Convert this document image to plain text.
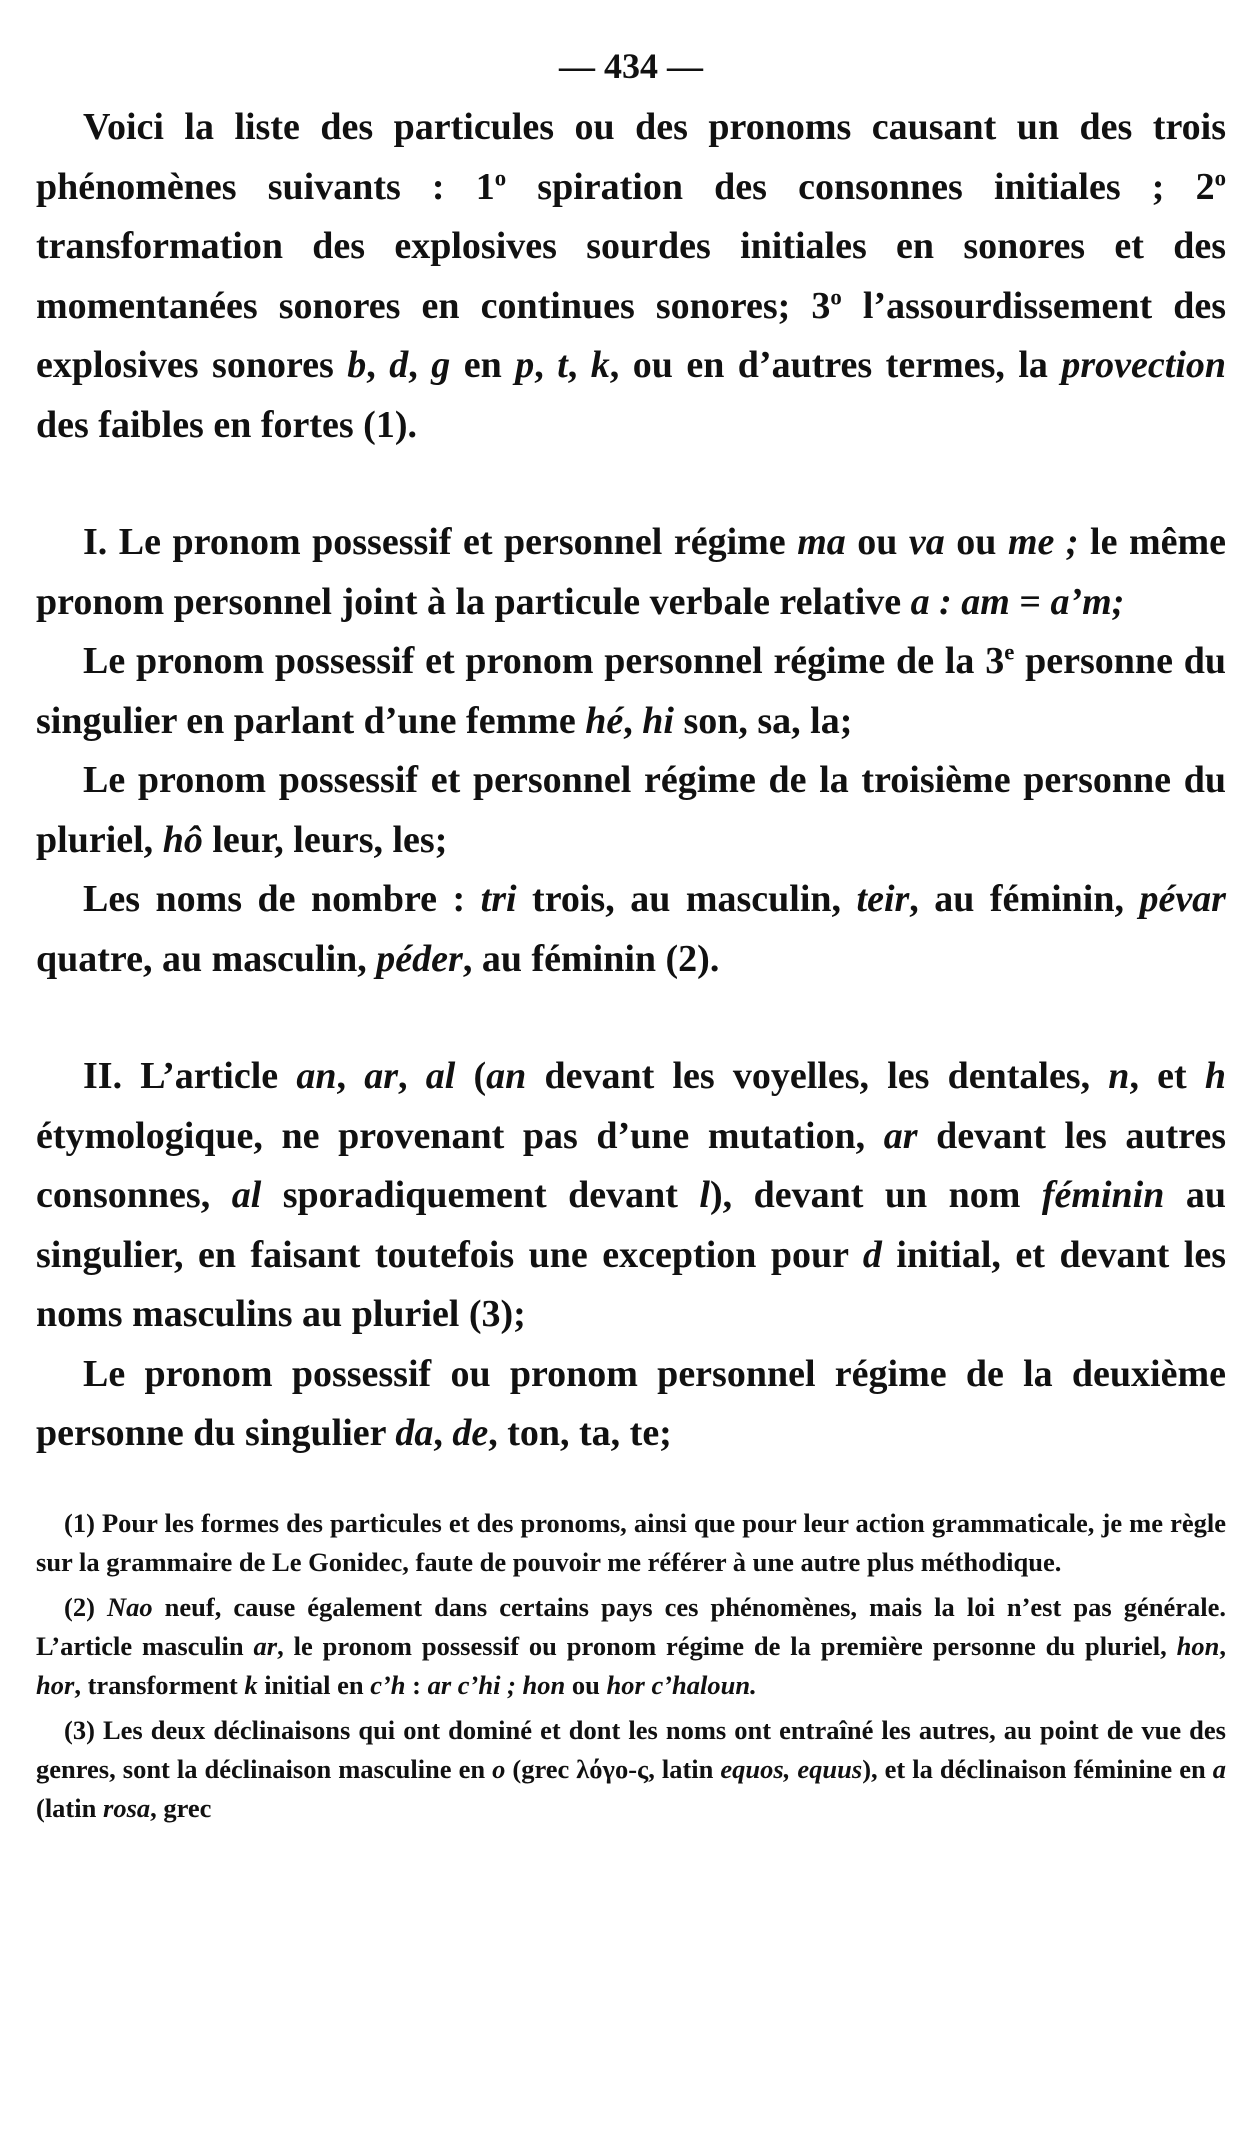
— 434 —

Voici la liste des particules ou des pronoms causant un des trois phénomènes suivants : 1$^o$ spiration des consonnes initiales ; 2$^o$ transformation des explosives sourdes initiales en sonores et des momentanées sonores en continues sonores; 3$^o$ l’assourdissement des explosives sonores b, d, g en p, t, k, ou en d’autres termes, la provection des faibles en fortes (1).

I. Le pronom possessif et personnel régime ma ou va ou me ; le même pronom personnel joint à la particule verbale relative a : am = a’m;

Le pronom possessif et pronom personnel régime de la 3e personne du singulier en parlant d’une femme hé, hi son, sa, la;

Le pronom possessif et personnel régime de la troisième personne du pluriel, hô leur, leurs, les;

Les noms de nombre : tri trois, au masculin, teir, au féminin, pévar quatre, au masculin, péder, au féminin (2).

II. L’article an, ar, al (an devant les voyelles, les dentales, n, et h étymologique, ne provenant pas d’une mutation, ar devant les autres consonnes, al sporadiquement devant l), devant un nom féminin au singulier, en faisant toutefois une exception pour d initial, et devant les noms masculins au pluriel (3);

Le pronom possessif ou pronom personnel régime de la deuxième personne du singulier da, de, ton, ta, te;

(1) Pour les formes des particules et des pronoms, ainsi que pour leur action grammaticale, je me règle sur la grammaire de Le Gonidec, faute de pouvoir me référer à une autre plus méthodique.

(2) Nao neuf, cause également dans certains pays ces phénomènes, mais la loi n’est pas générale. L’article masculin ar, le pronom possessif ou pronom régime de la première personne du pluriel, hon, hor, transforment k initial en c’h : ar c’hi ; hon ou hor c’haloun.

(3) Les deux déclinaisons qui ont dominé et dont les noms ont entraîné les autres, au point de vue des genres, sont la déclinaison masculine en o (grec λόγο-ς, latin equos, equus), et la déclinaison féminine en a (latin rosa, grec
